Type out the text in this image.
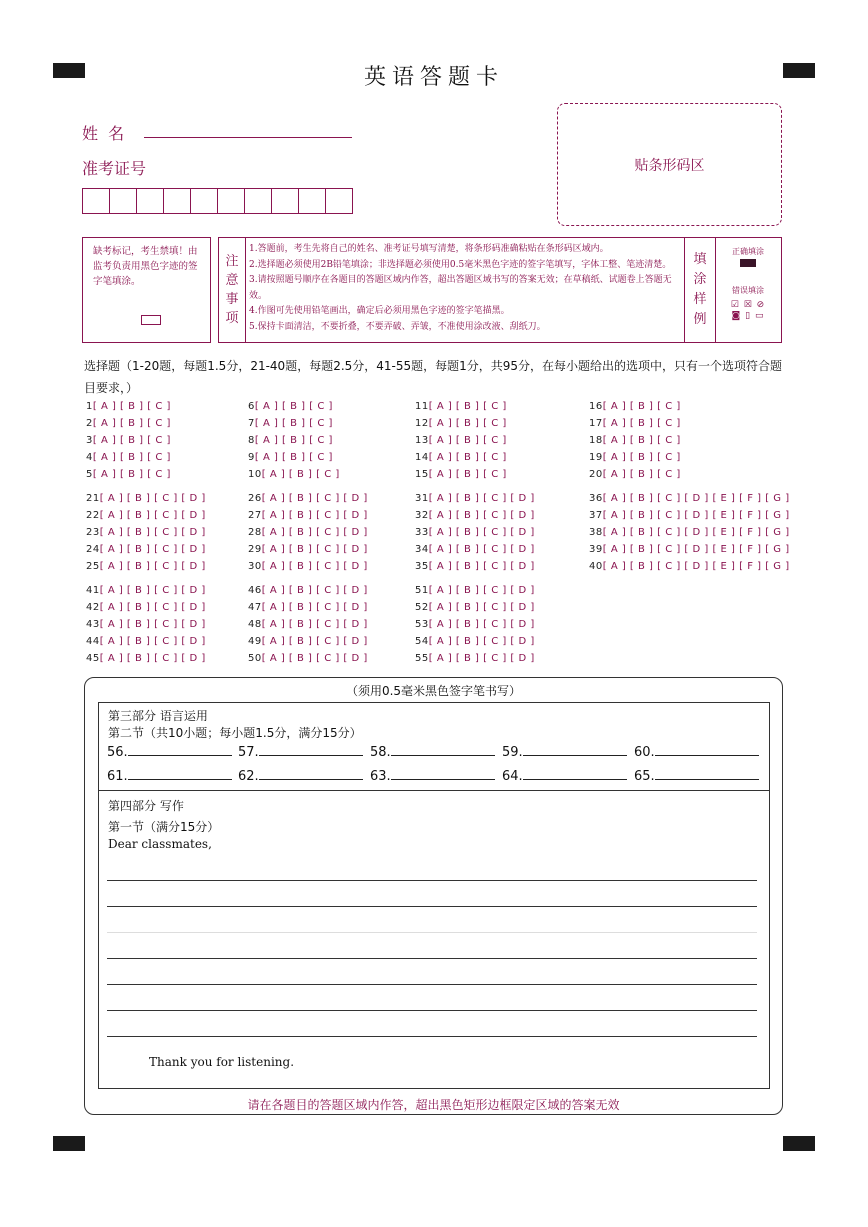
英语答题卡
姓  名
准考证号	贴条形码区
缺考标记，考生禁填！由监考负责用黑色字迹的签字笔填涂。
注
意
事
项
1.答题前，考生先将自己的姓名、准考证号填写清楚，将条形码准确粘贴在条形码区域内。
2.选择题必须使用2B铅笔填涂；非选择题必须使用0.5毫米黑色字迹的签字笔填写，字体工整、笔迹清楚。
3.请按照题号顺序在各题目的答题区域内作答，超出答题区域书写的答案无效；在草稿纸、试题卷上答题无效。
4.作图可先使用铅笔画出，确定后必须用黑色字迹的签字笔描黑。
5.保持卡面清洁，不要折叠，不要弄破、弄皱，不准使用涂改液、刮纸刀。
填
涂
样
例
正确填涂
错误填涂
☑ ☒ ⊘
◙ ▯ ▭
选择题（1-20题，每题1.5分，21-40题，每题2.5分，41-55题，每题1分，共95分，在每小题给出的选项中，只有一个选项符合题目要求，）
1[ A ] [ B ] [ C ]
2[ A ] [ B ] [ C ]
3[ A ] [ B ] [ C ]
4[ A ] [ B ] [ C ]
5[ A ] [ B ] [ C ]
6[ A ] [ B ] [ C ]
7[ A ] [ B ] [ C ]
8[ A ] [ B ] [ C ]
9[ A ] [ B ] [ C ]
10[ A ] [ B ] [ C ]
11[ A ] [ B ] [ C ]
12[ A ] [ B ] [ C ]
13[ A ] [ B ] [ C ]
14[ A ] [ B ] [ C ]
15[ A ] [ B ] [ C ]
16[ A ] [ B ] [ C ]
17[ A ] [ B ] [ C ]
18[ A ] [ B ] [ C ]
19[ A ] [ B ] [ C ]
20[ A ] [ B ] [ C ]
21[ A ] [ B ] [ C ] [ D ]
22[ A ] [ B ] [ C ] [ D ]
23[ A ] [ B ] [ C ] [ D ]
24[ A ] [ B ] [ C ] [ D ]
25[ A ] [ B ] [ C ] [ D ]
26[ A ] [ B ] [ C ] [ D ]
27[ A ] [ B ] [ C ] [ D ]
28[ A ] [ B ] [ C ] [ D ]
29[ A ] [ B ] [ C ] [ D ]
30[ A ] [ B ] [ C ] [ D ]
31[ A ] [ B ] [ C ] [ D ]
32[ A ] [ B ] [ C ] [ D ]
33[ A ] [ B ] [ C ] [ D ]
34[ A ] [ B ] [ C ] [ D ]
35[ A ] [ B ] [ C ] [ D ]
36[ A ] [ B ] [ C ] [ D ] [ E ] [ F ] [ G ]
37[ A ] [ B ] [ C ] [ D ] [ E ] [ F ] [ G ]
38[ A ] [ B ] [ C ] [ D ] [ E ] [ F ] [ G ]
39[ A ] [ B ] [ C ] [ D ] [ E ] [ F ] [ G ]
40[ A ] [ B ] [ C ] [ D ] [ E ] [ F ] [ G ]
41[ A ] [ B ] [ C ] [ D ]
42[ A ] [ B ] [ C ] [ D ]
43[ A ] [ B ] [ C ] [ D ]
44[ A ] [ B ] [ C ] [ D ]
45[ A ] [ B ] [ C ] [ D ]
46[ A ] [ B ] [ C ] [ D ]
47[ A ] [ B ] [ C ] [ D ]
48[ A ] [ B ] [ C ] [ D ]
49[ A ] [ B ] [ C ] [ D ]
50[ A ] [ B ] [ C ] [ D ]
51[ A ] [ B ] [ C ] [ D ]
52[ A ] [ B ] [ C ] [ D ]
53[ A ] [ B ] [ C ] [ D ]
54[ A ] [ B ] [ C ] [ D ]
55[ A ] [ B ] [ C ] [ D ]
（须用0.5毫米黑色签字笔书写）
第三部分 语言运用
第二节（共10小题；每小题1.5分，满分15分）
56.	57.	58.	59.	60.
61.	62.	63.	64.	65.
第四部分 写作
第一节（满分15分）
Dear classmates,
Thank you for listening.
请在各题目的答题区域内作答，超出黑色矩形边框限定区域的答案无效
